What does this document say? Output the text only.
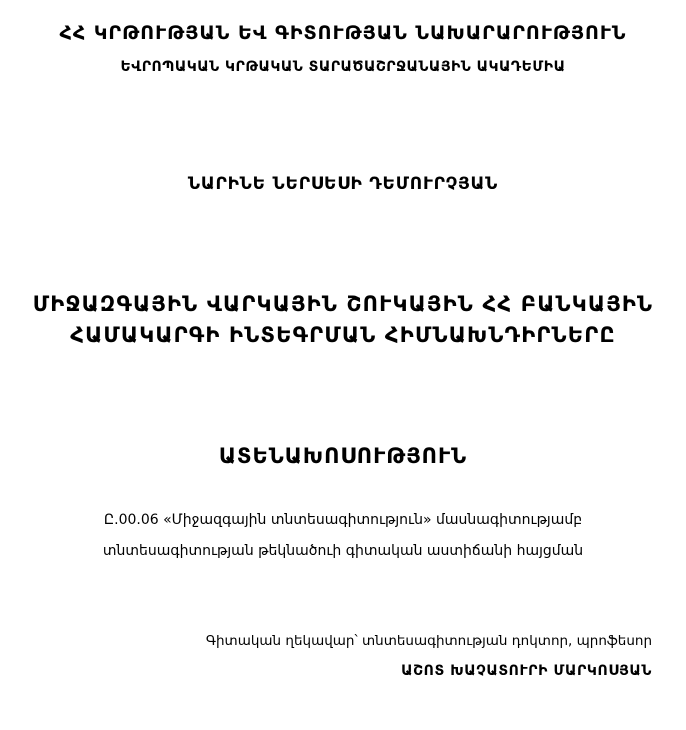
ՀՀ ԿՐԹՈՒԹՅԱՆ ԵՎ ԳԻՏՈՒԹՅԱՆ ՆԱԽԱՐԱՐՈՒԹՅՈՒՆ
ԵՎՐՈՊԱԿԱՆ ԿՐԹԱԿԱՆ ՏԱՐԱԾԱՇՐՋԱՆԱՅԻՆ ԱԿԱԴԵՄԻԱ
ՆԱՐԻՆԵ ՆԵՐՍԵՍԻ ԴԵՄՈՒՐՉՅԱՆ
ՄԻՋԱԶԳԱՅԻՆ ՎԱՐԿԱՅԻՆ ՇՈՒԿԱՅԻՆ ՀՀ ԲԱՆԿԱՅԻՆ
ՀԱՄԱԿԱՐԳԻ ԻՆՏԵԳՐՄԱՆ ՀԻՄՆԱԽՆԴԻՐՆԵՐԸ
ԱՏԵՆԱԽՈՍՈՒԹՅՈՒՆ
Ը.00.06 «Միջազգային տնտեսագիտություն» մասնագիտությամբ
տնտեսագիտության թեկնածուի գիտական աստիճանի հայցման
Գիտական ղեկավար՝ տնտեսագիտության դոկտոր, պրոֆեսոր
ԱՇՈՏ ԽԱՉԱՏՈՒՐԻ ՄԱՐԿՈՍՅԱՆ
